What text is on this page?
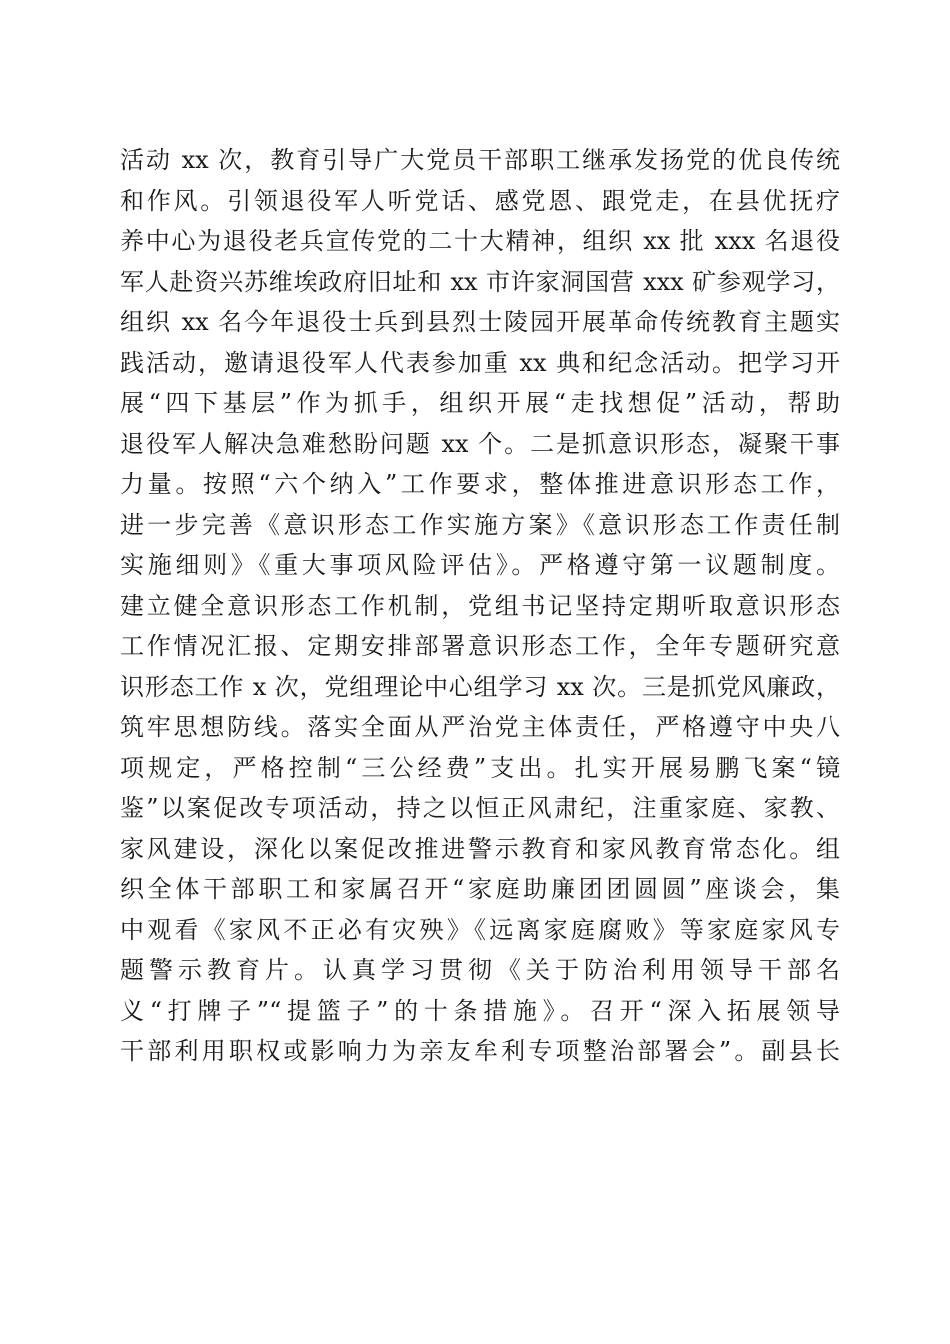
活动 xx 次，教育引导广大党员干部职工继承发扬党的优良传统
和作风。引领退役军人听党话、感党恩、跟党走，在县优抚疗
养中心为退役老兵宣传党的二十大精神，组织 xx 批 xxx 名退役
军人赴资兴苏维埃政府旧址和 xx 市许家洞国营 xxx 矿参观学习，
组织 xx 名今年退役士兵到县烈士陵园开展革命传统教育主题实
践活动，邀请退役军人代表参加重 xx 典和纪念活动。把学习开
展“四下基层”作为抓手，组织开展“走找想促”活动，帮助
退役军人解决急难愁盼问题 xx 个。二是抓意识形态，凝聚干事
力量。按照“六个纳入”工作要求，整体推进意识形态工作，
进一步完善《意识形态工作实施方案》《意识形态工作责任制
实施细则》《重大事项风险评估》。严格遵守第一议题制度。
建立健全意识形态工作机制，党组书记坚持定期听取意识形态
工作情况汇报、定期安排部署意识形态工作，全年专题研究意
识形态工作 x 次，党组理论中心组学习 xx 次。三是抓党风廉政，
筑牢思想防线。落实全面从严治党主体责任，严格遵守中央八
项规定，严格控制“三公经费”支出。扎实开展易鹏飞案“镜
鉴”以案促改专项活动，持之以恒正风肃纪，注重家庭、家教、
家风建设，深化以案促改推进警示教育和家风教育常态化。组
织全体干部职工和家属召开“家庭助廉团团圆圆”座谈会，集
中观看《家风不正必有灾殃》《远离家庭腐败》等家庭家风专
题警示教育片。认真学习贯彻《关于防治利用领导干部名
义“打牌子”“提篮子”的十条措施》。召开“深入拓展领导
干部利用职权或影响力为亲友牟利专项整治部署会”。副县长
